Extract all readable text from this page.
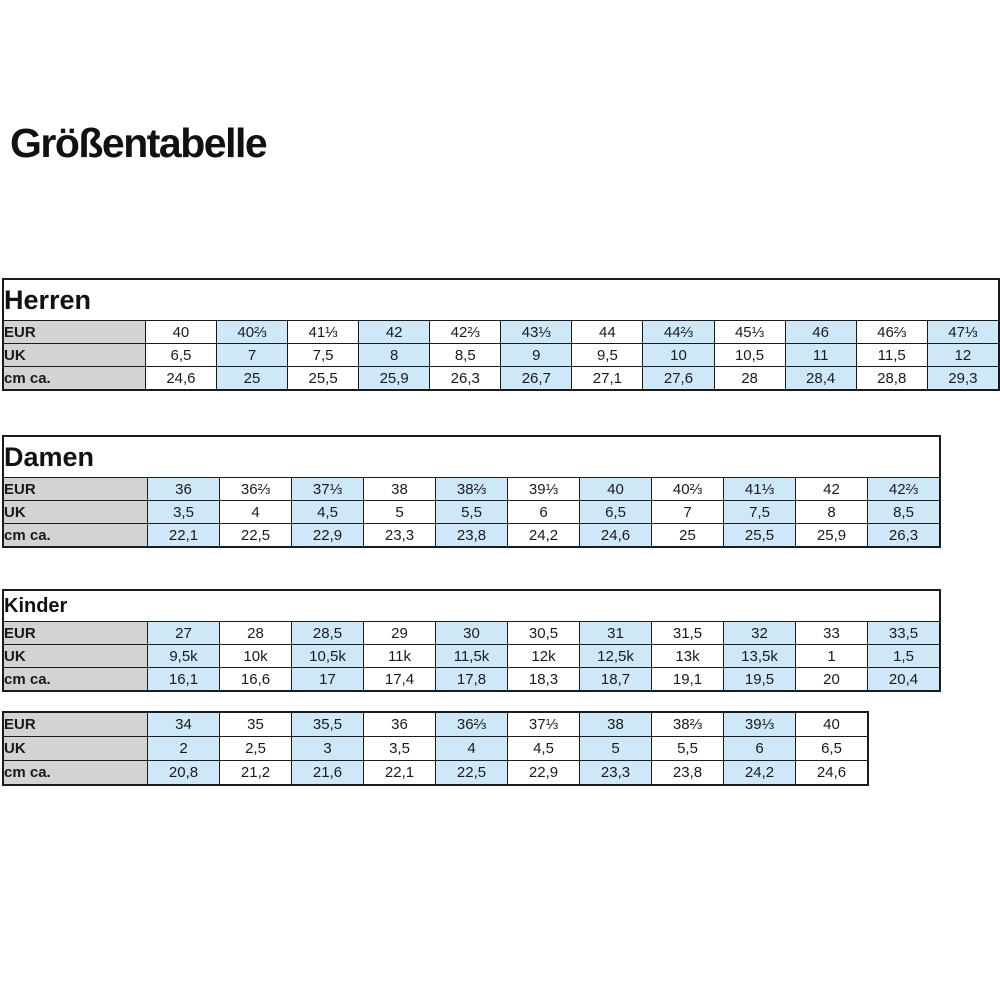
Größentabelle
Herren												
EUR	40	40⅔	41⅓	42	42⅔	43⅓	44	44⅔	45⅓	46	46⅔	47⅓
UK	6,5	7	7,5	8	8,5	9	9,5	10	10,5	11	11,5	12
cm ca.	24,6	25	25,5	25,9	26,3	26,7	27,1	27,6	28	28,4	28,8	29,3
Damen											
EUR	36	36⅔	37⅓	38	38⅔	39⅓	40	40⅔	41⅓	42	42⅔
UK	3,5	4	4,5	5	5,5	6	6,5	7	7,5	8	8,5
cm ca.	22,1	22,5	22,9	23,3	23,8	24,2	24,6	25	25,5	25,9	26,3
Kinder											
EUR	27	28	28,5	29	30	30,5	31	31,5	32	33	33,5
UK	9,5k	10k	10,5k	11k	11,5k	12k	12,5k	13k	13,5k	1	1,5
cm ca.	16,1	16,6	17	17,4	17,8	18,3	18,7	19,1	19,5	20	20,4
EUR	34	35	35,5	36	36⅔	37⅓	38	38⅔	39⅓	40
UK	2	2,5	3	3,5	4	4,5	5	5,5	6	6,5
cm ca.	20,8	21,2	21,6	22,1	22,5	22,9	23,3	23,8	24,2	24,6
